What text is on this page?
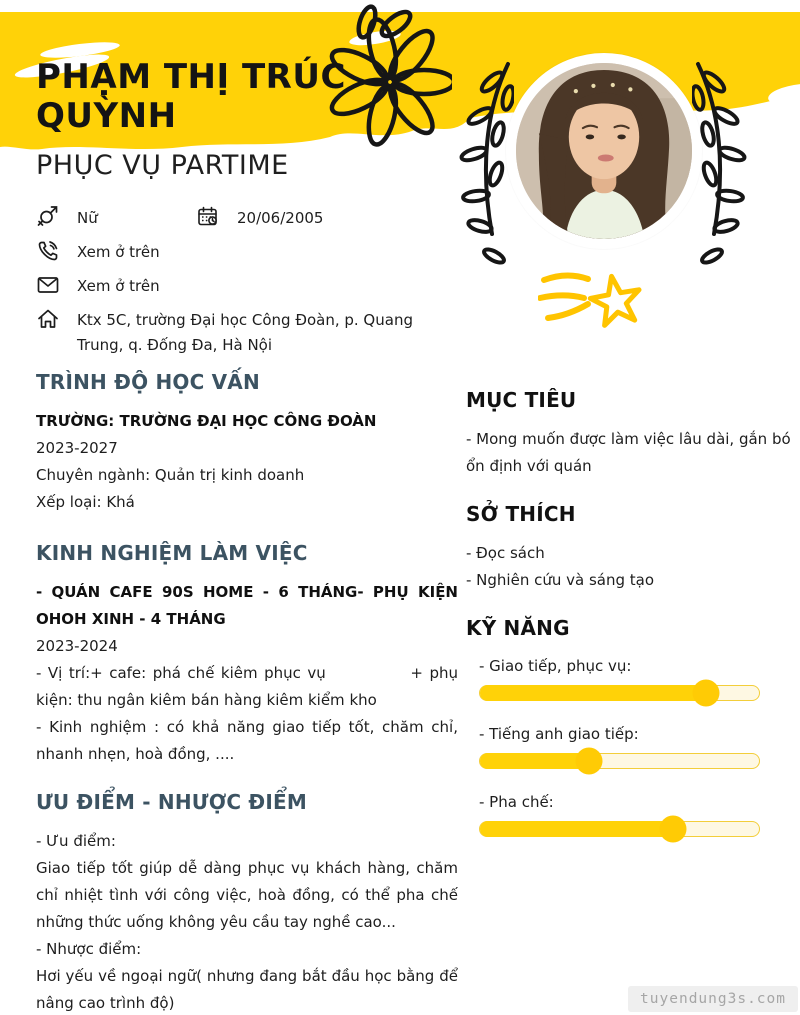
PHẠM THỊ TRÚC QUỲNH
PHỤC VỤ PARTIME
Nữ	20/06/2005
Xem ở trên
Xem ở trên
Ktx 5C, trường Đại học Công Đoàn, p. Quang Trung, q. Đống Đa, Hà Nội
TRÌNH ĐỘ HỌC VẤN

TRƯỜNG: TRƯỜNG ĐẠI HỌC CÔNG ĐOÀN

2023-2027

Chuyên ngành: Quản trị kinh doanh

Xếp loại: Khá

KINH NGHIỆM LÀM VIỆC

- QUÁN CAFE 90S HOME - 6 THÁNG- PHỤ KIỆN OHOH XINH - 4 THÁNG

2023-2024

- Vị trí:+ cafe: phá chế kiêm phục vụ             + phụ kiện: thu ngân kiêm bán hàng kiêm kiểm kho

- Kinh nghiệm : có khả năng giao tiếp tốt, chăm chỉ, nhanh nhẹn, hoà đồng, ....

ƯU ĐIỂM - NHƯỢC ĐIỂM

- Ưu điểm:

Giao tiếp tốt giúp dễ dàng phục vụ khách hàng, chăm chỉ nhiệt tình với công việc, hoà đồng, có thể pha chế những thức uống không yêu cầu tay nghề cao...

- Nhược điểm:

Hơi yếu về ngoại ngữ( nhưng đang bắt đầu học bằng để nâng cao trình độ)

MỤC TIÊU

- Mong muốn được làm việc lâu dài, gắn bó ổn định với quán

SỞ THÍCH

- Đọc sách

- Nghiên cứu và sáng tạo

KỸ NĂNG

- Giao tiếp, phục vụ:

- Tiếng anh giao tiếp:

- Pha chế:

tuyendung3s.com
